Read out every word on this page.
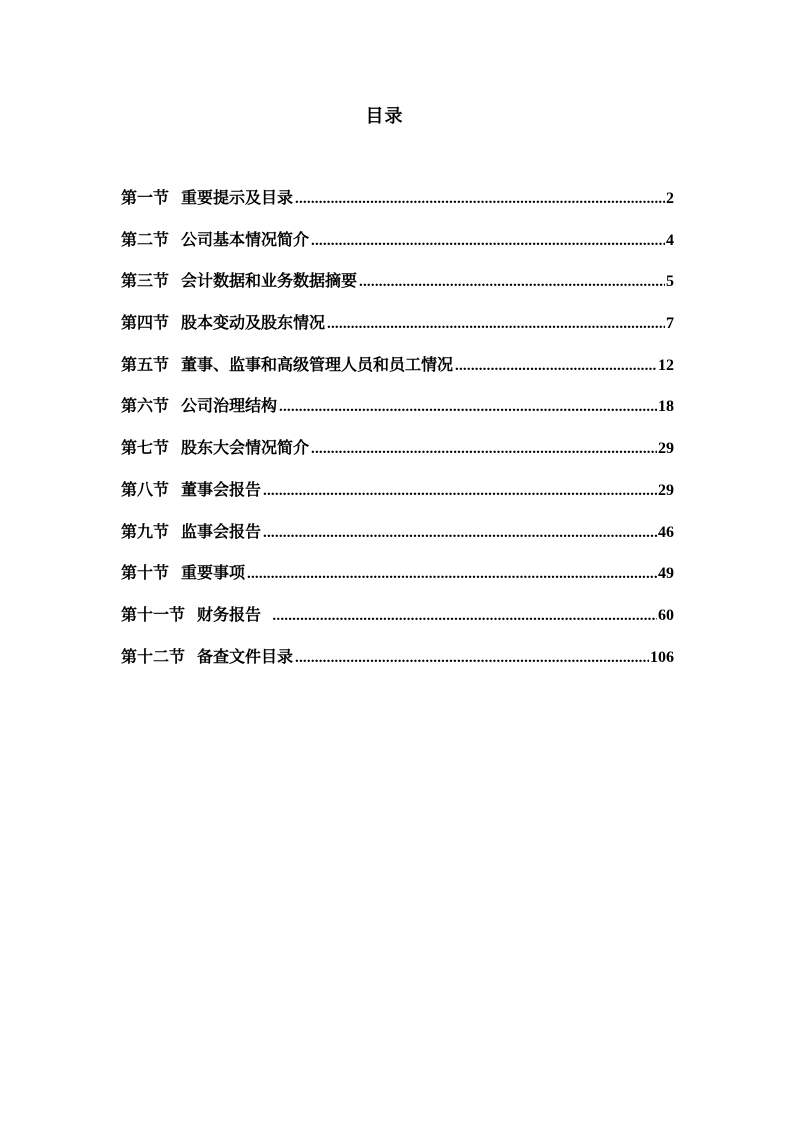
目录
第一节 重要提示及目录 .....	2
第二节 公司基本情况简介 .....	4
第三节 会计数据和业务数据摘要 .....	5
第四节 股本变动及股东情况 .....	7
第五节 董事、监事和高级管理人员和员工情况 .....	12
第六节 公司治理结构 .....	18
第七节 股东大会情况简介 .....	29
第八节 董事会报告 .....	29
第九节 监事会报告 .....	46
第十节 重要事项 .....	49
第十一节 财务报告 .....	60
第十二节 备查文件目录 .....	106
